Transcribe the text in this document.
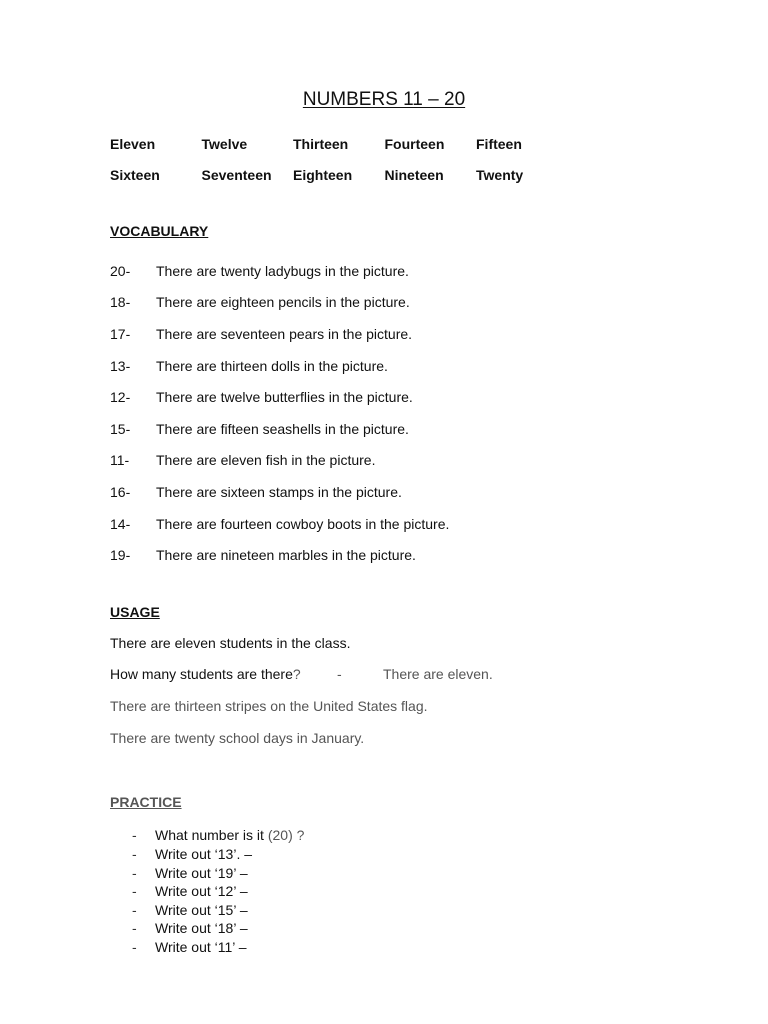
NUMBERS 11 – 20
Eleven	Twelve	Thirteen	Fourteen	Fifteen
Sixteen	Seventeen	Eighteen	Nineteen	Twenty
VOCABULARY
20-	There are twenty ladybugs in the picture.
18-	There are eighteen pencils in the picture.
17-	There are seventeen pears in the picture.
13-	There are thirteen dolls in the picture.
12-	There are twelve butterflies in the picture.
15-	There are fifteen seashells in the picture.
11-	There are eleven fish in the picture.
16-	There are sixteen stamps in the picture.
14-	There are fourteen cowboy boots in the picture.
19-	There are nineteen marbles in the picture.
USAGE
There are eleven students in the class.
How many students are there?	-	There are eleven.
There are thirteen stripes on the United States flag.
There are twenty school days in January.
PRACTICE
-	What number is it (20) ?
-	Write out ‘13’. –
-	Write out ‘19’ –
-	Write out ‘12’ –
-	Write out ‘15’ –
-	Write out ‘18’ –
-	Write out ‘11’ –
